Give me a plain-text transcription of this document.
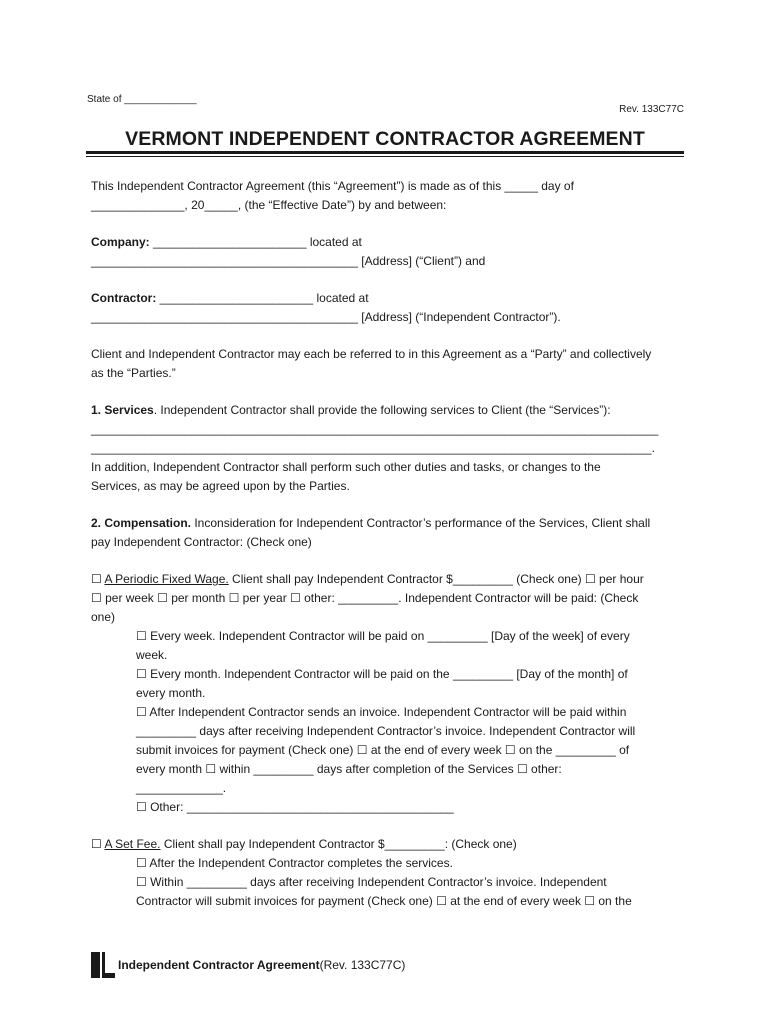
State of _____________
Rev. 133C77C
VERMONT INDEPENDENT CONTRACTOR AGREEMENT

This Independent Contractor Agreement (this “Agreement”) is made as of this _____ day of

______________, 20_____, (the “Effective Date”) by and between:

Company: _______________________ located at

________________________________________ [Address] (“Client”) and

Contractor: _______________________ located at

________________________________________ [Address] (“Independent Contractor”).

Client and Independent Contractor may each be referred to in this Agreement as a “Party” and collectively

as the “Parties.”

1. Services. Independent Contractor shall provide the following services to Client (the “Services”):

_____________________________________________________________________________________

____________________________________________________________________________________.

In addition, Independent Contractor shall perform such other duties and tasks, or changes to the

Services, as may be agreed upon by the Parties.

2. Compensation. Inconsideration for Independent Contractor’s performance of the Services, Client shall

pay Independent Contractor: (Check one)

☐ A Periodic Fixed Wage. Client shall pay Independent Contractor $_________ (Check one) ☐ per hour

☐ per week ☐ per month ☐ per year ☐ other: _________. Independent Contractor will be paid: (Check

one)

☐ Every week. Independent Contractor will be paid on _________ [Day of the week] of every

week.

☐ Every month. Independent Contractor will be paid on the _________ [Day of the month] of

every month.

☐ After Independent Contractor sends an invoice. Independent Contractor will be paid within

_________ days after receiving Independent Contractor’s invoice. Independent Contractor will

submit invoices for payment (Check one) ☐ at the end of every week ☐ on the _________ of

every month ☐ within _________ days after completion of the Services ☐ other:

_____________.

☐ Other: ________________________________________

☐ A Set Fee. Client shall pay Independent Contractor $_________: (Check one)

☐ After the Independent Contractor completes the services.

☐ Within _________ days after receiving Independent Contractor’s invoice. Independent

Contractor will submit invoices for payment (Check one) ☐ at the end of every week ☐ on the

Independent Contractor Agreement (Rev. 133C77C)
